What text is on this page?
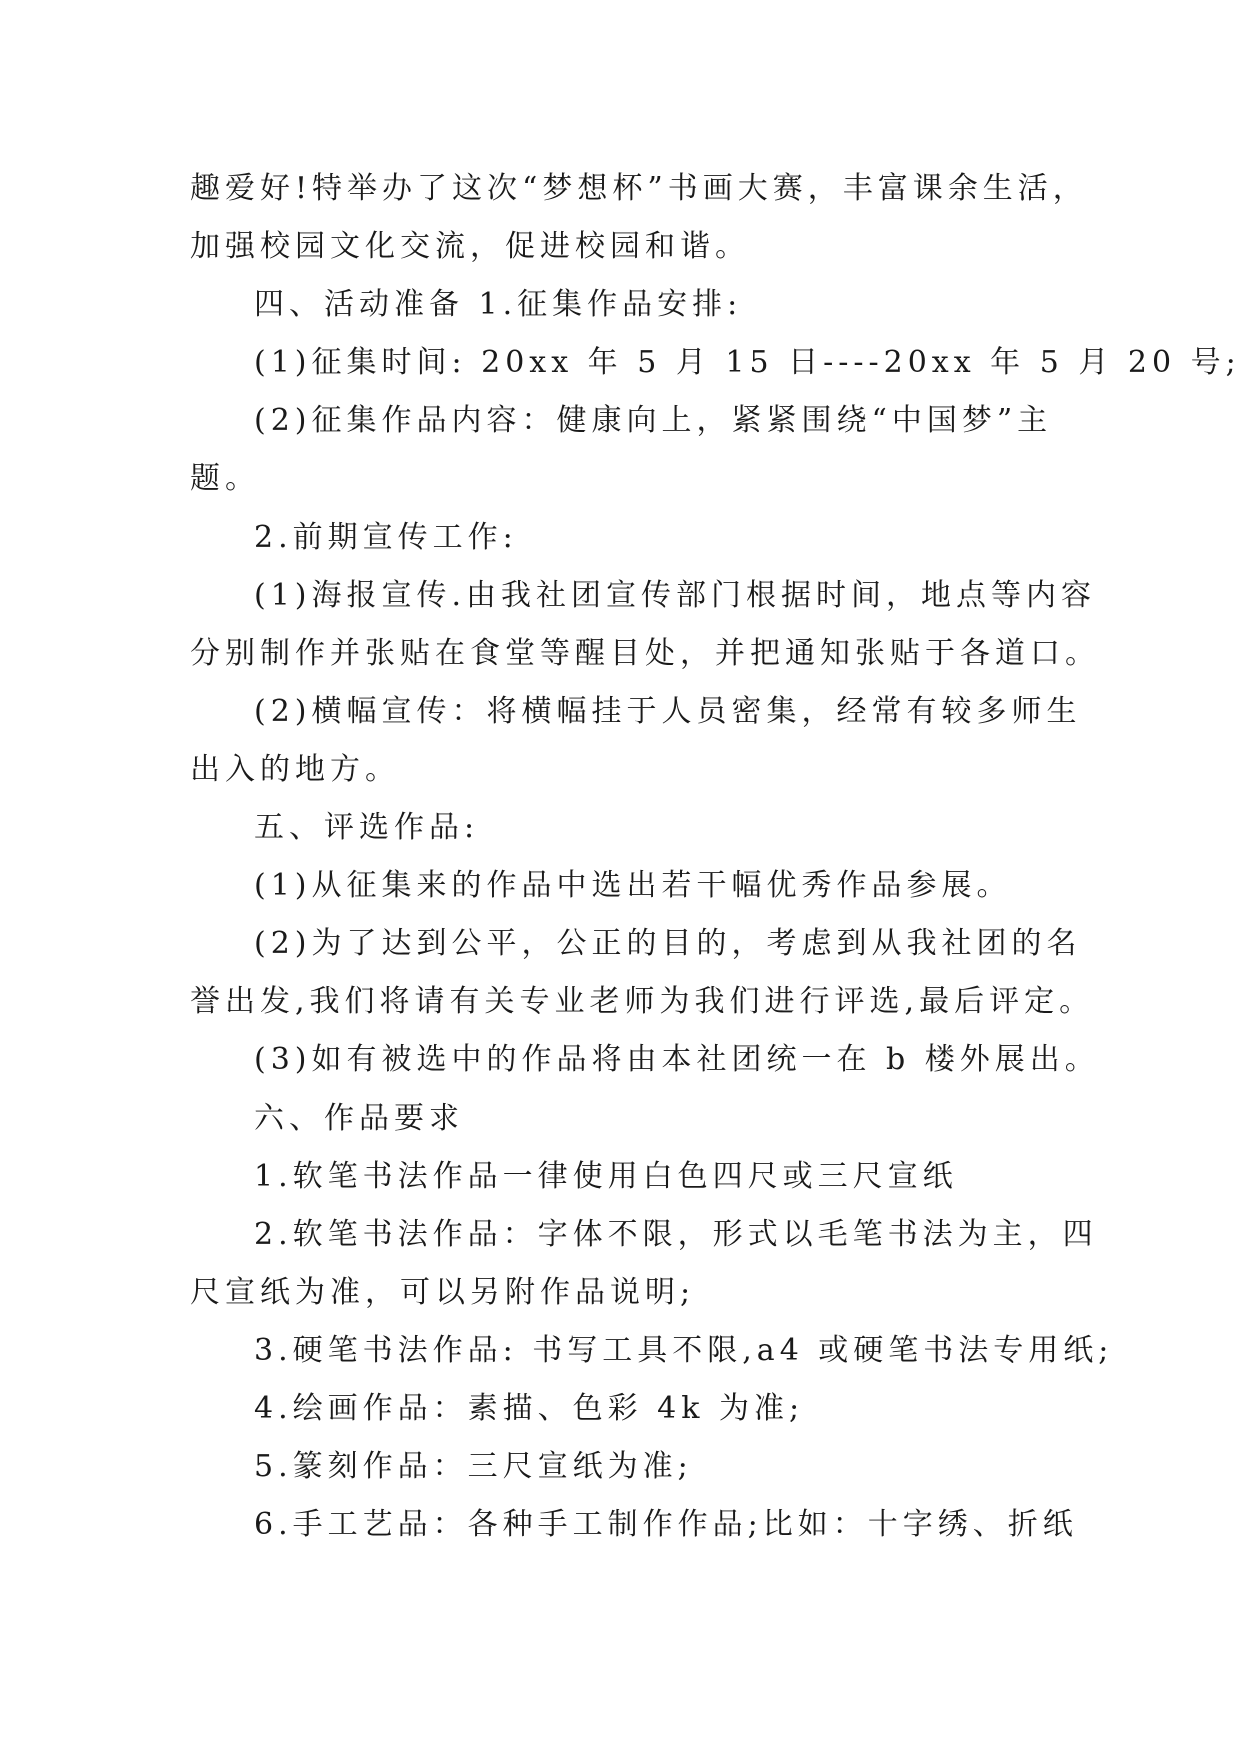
趣爱好!特举办了这次“梦想杯”书画大赛，丰富课余生活，
加强校园文化交流，促进校园和谐。
四、活动准备 1.征集作品安排:
(1)征集时间: 20xx 年 5 月 15 日----20xx 年 5 月 20 号;
(2)征集作品内容：健康向上，紧紧围绕“中国梦”主
题。
2.前期宣传工作:
(1)海报宣传.由我社团宣传部门根据时间，地点等内容
分别制作并张贴在食堂等醒目处，并把通知张贴于各道口。
(2)横幅宣传：将横幅挂于人员密集，经常有较多师生
出入的地方。
五、评选作品:
(1)从征集来的作品中选出若干幅优秀作品参展。
(2)为了达到公平，公正的目的，考虑到从我社团的名
誉出发,我们将请有关专业老师为我们进行评选,最后评定。
(3)如有被选中的作品将由本社团统一在 b 楼外展出。
六、作品要求
1.软笔书法作品一律使用白色四尺或三尺宣纸
2.软笔书法作品：字体不限，形式以毛笔书法为主，四
尺宣纸为准，可以另附作品说明;
3.硬笔书法作品: 书写工具不限,a4 或硬笔书法专用纸;
4.绘画作品：素描、色彩 4k 为准;
5.篆刻作品：三尺宣纸为准;
6.手工艺品：各种手工制作作品;比如：十字绣、折纸
